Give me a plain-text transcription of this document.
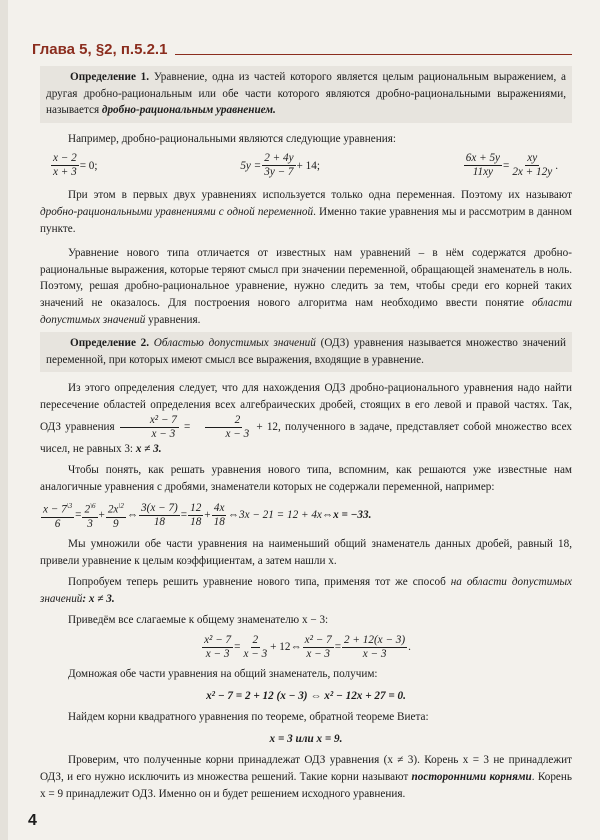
Глава 5, §2, п.5.2.1

Определение 1. Уравнение, одна из частей которого является целым рациональным выражением, а другая дробно-рациональным или обе части которого являются дробно-рациональными выражениями, называется дробно-рациональным уравнением.

Например, дробно-рациональными являются следующие уравнения:

$\frac{x - 2}{x + 3} = 0$;	$5y = \frac{2 + 4y}{3y - 7} + 14$;	$\frac{6x + 5y}{11xy} = \frac{xy}{2x + 12y}$ .

При этом в первых двух уравнениях используется только одна переменная. Поэтому их называют дробно-рациональными уравнениями с одной переменной. Именно такие уравнения мы и рассмотрим в данном пункте.

Уравнение нового типа отличается от известных нам уравнений – в нём содержатся дробно-рациональные выражения, которые теряют смысл при значении переменной, обращающей знаменатель в ноль. Поэтому, решая дробно-рациональное уравнение, нужно следить за тем, чтобы среди его корней таких значений не оказалось. Для построения нового алгоритма нам необходимо ввести понятие области допустимых значений уравнения.

Определение 2. Областью допустимых значений (ОДЗ) уравнения называется множество значений переменной, при которых имеют смысл все выражения, входящие в уравнение.

Из этого определения следует, что для нахождения ОДЗ дробно-рационального уравнения надо найти пересечение областей определения всех алгебраических дробей, стоящих в его левой и правой частях. Так, ОДЗ уравнения $\frac{\text{x² − 7}}{x - 3} = \frac{2}{x - 3} + 12$, полученного в задаче, представляет собой множество всех чисел, не равных 3: x ≠ 3.

Чтобы понять, как решать уравнения нового типа, вспомним, как решаются уже известные нам аналогичные уравнения с дробями, знаменатели которых не содержали переменной, например:

$\frac{x - 7^{\backslash 3}}{6} = \frac{2^{\backslash 6}}{3} + \frac{2x^{\backslash 2}}{9}$ ⇔ $\frac{3(x - 7)}{18} = \frac{12}{18} + \frac{4x}{18}$ ⇔ 3x − 21 = 12 + 4x ⇔ x = −33.

Мы умножили обе части уравнения на наименьший общий знаменатель данных дробей, равный 18, привели уравнение к целым коэффициентам, а затем нашли x.

Попробуем теперь решить уравнение нового типа, применяя тот же способ на области допустимых значений: x ≠ 3.

Приведём все слагаемые к общему знаменателю x − 3:

$\frac{\text{x² − 7}}{x - 3} = \frac{2}{x - 3} + 12$ ⇔ $\frac{\text{x² − 7}}{x - 3} = \frac{2 + 12(x - 3)}{x - 3}$ .

Домножая обе части уравнения на общий знаменатель, получим:

x² − 7 = 2 + 12 (x − 3) ⇔ x² − 12x + 27 = 0.

Найдем корни квадратного уравнения по теореме, обратной теореме Виета:

x = 3 или x = 9.

Проверим, что полученные корни принадлежат ОДЗ уравнения (x ≠ 3). Корень x = 3 не принадлежит ОДЗ, и его нужно исключить из множества решений. Такие корни называют посторонними корнями. Корень x = 9 принадлежит ОДЗ. Именно он и будет решением исходного уравнения.

4
